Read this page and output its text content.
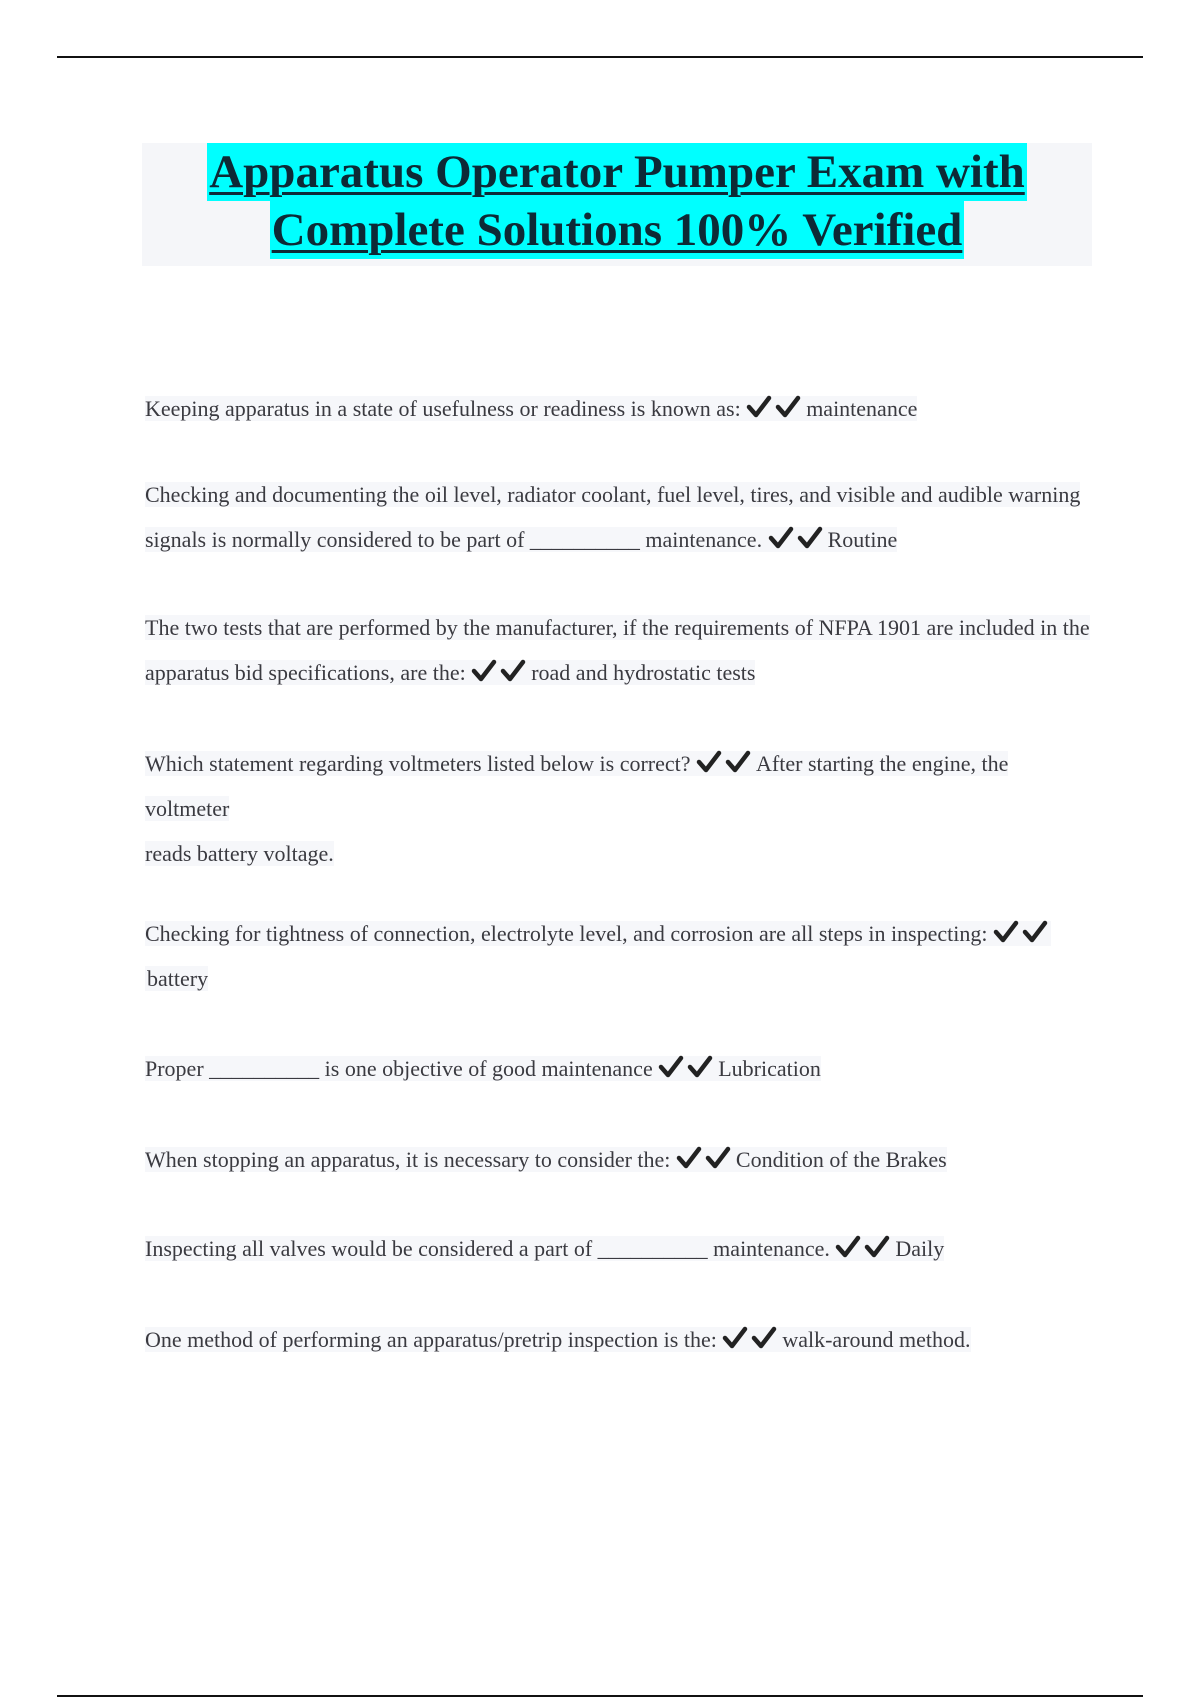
Apparatus Operator Pumper Exam with
Complete Solutions 100% Verified
Keeping apparatus in a state of usefulness or readiness is known as:	maintenance
Checking and documenting the oil level, radiator coolant, fuel level, tires, and visible and audible warning signals is normally considered to be part of __________ maintenance.	Routine
The two tests that are performed by the manufacturer, if the requirements of NFPA 1901 are included in the apparatus bid specifications, are the:	road and hydrostatic tests
Which statement regarding voltmeters listed below is correct?	After starting the engine, the voltmeter
reads battery voltage.
Checking for tightness of connection, electrolyte level, and corrosion are all steps in inspecting:
battery
Proper __________ is one objective of good maintenance	Lubrication
When stopping an apparatus, it is necessary to consider the:	Condition of the Brakes
Inspecting all valves would be considered a part of __________ maintenance.	Daily
One method of performing an apparatus/pretrip inspection is the:	walk-around method.
